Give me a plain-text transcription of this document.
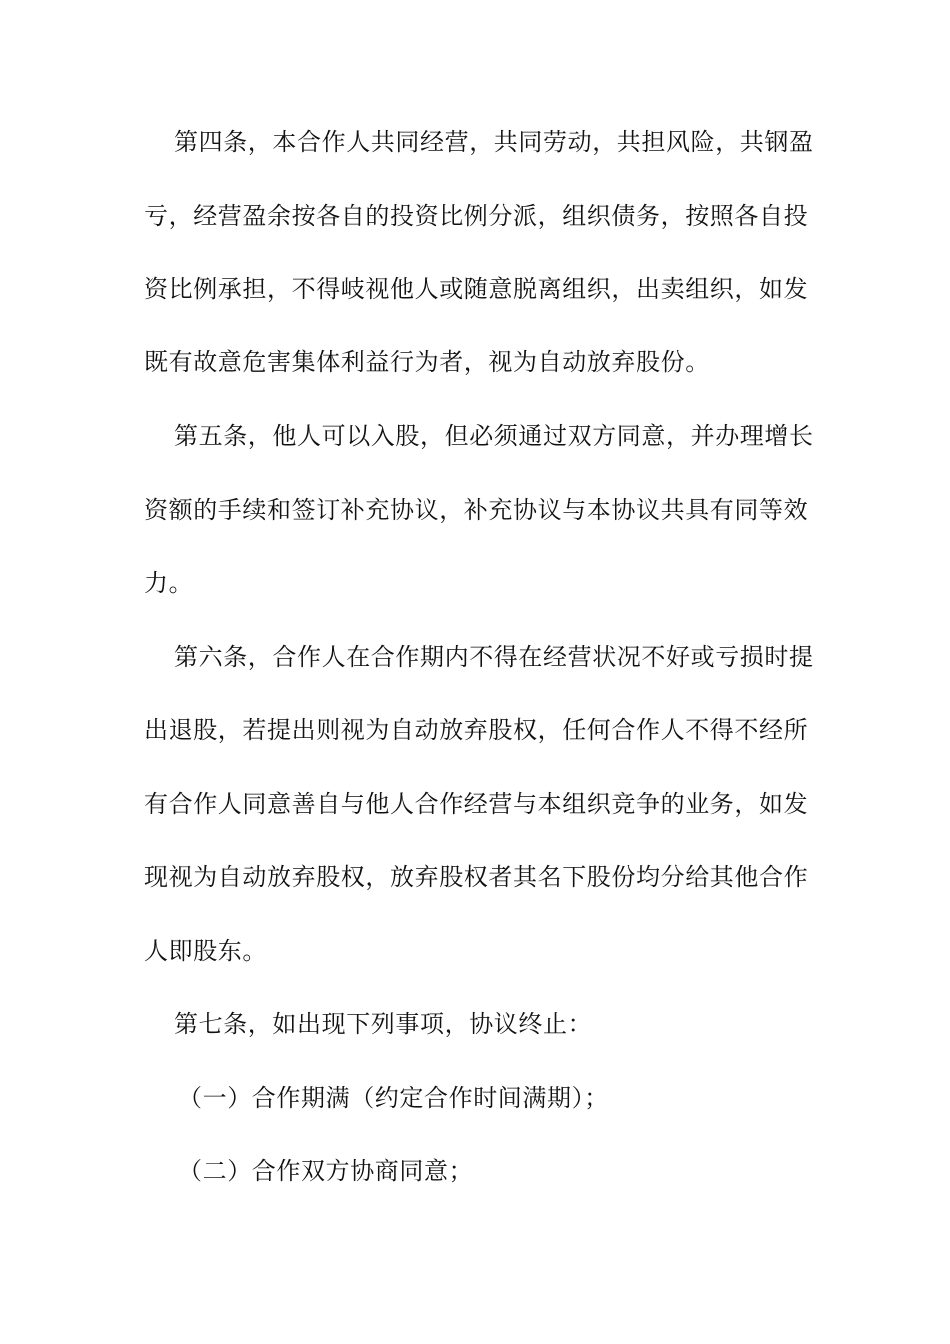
第四条，本合作人共同经营，共同劳动，共担风险，共钢盈
亏，经营盈余按各自的投资比例分派，组织债务，按照各自投
资比例承担，不得岐视他人或随意脱离组织，出卖组织，如发
既有故意危害集体利益行为者，视为自动放弃股份。
第五条，他人可以入股，但必须通过双方同意，并办理增长
资额的手续和签订补充协议，补充协议与本协议共具有同等效
力。
第六条，合作人在合作期内不得在经营状况不好或亏损时提
出退股，若提出则视为自动放弃股权，任何合作人不得不经所
有合作人同意善自与他人合作经营与本组织竞争的业务，如发
现视为自动放弃股权，放弃股权者其名下股份均分给其他合作
人即股东。
第七条，如出现下列事项，协议终止：
（一）合作期满（约定合作时间满期）；
（二）合作双方协商同意；
